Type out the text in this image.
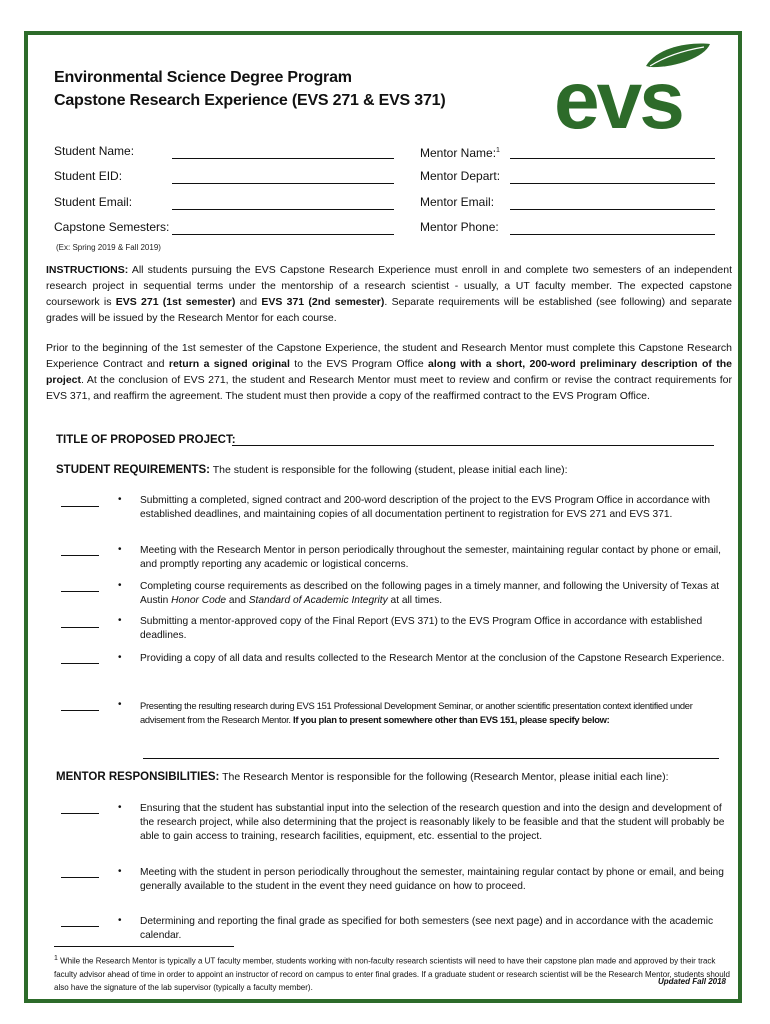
Environmental Science Degree Program
Capstone Research Experience (EVS 271 & EVS 371) evs
Student Name:
Student EID:
Student Email:
Capstone Semesters:
(Ex: Spring 2019 & Fall 2019)
Mentor Name:$^1$
Mentor Depart:
Mentor Email:
Mentor Phone:
INSTRUCTIONS: All students pursuing the EVS Capstone Research Experience must enroll in and complete two semesters of an independent research project in sequential terms under the mentorship of a research scientist - usually, a UT faculty member. The expected capstone coursework is EVS 271 (1st semester) and EVS 371 (2nd semester). Separate requirements will be established (see following) and separate grades will be issued by the Research Mentor for each course.
Prior to the beginning of the 1st semester of the Capstone Experience, the student and Research Mentor must complete this Capstone Research Experience Contract and return a signed original to the EVS Program Office along with a short, 200-word preliminary description of the project. At the conclusion of EVS 271, the student and Research Mentor must meet to review and confirm or revise the contract requirements for EVS 371, and reaffirm the agreement. The student must then provide a copy of the reaffirmed contract to the EVS Program Office.
TITLE OF PROPOSED PROJECT:
STUDENT REQUIREMENTS: The student is responsible for the following (student, please initial each line):
• Submitting a completed, signed contract and 200-word description of the project to the EVS Program Office in accordance with established deadlines, and maintaining copies of all documentation pertinent to registration for EVS 271 and EVS 371.
• Meeting with the Research Mentor in person periodically throughout the semester, maintaining regular contact by phone or email, and promptly reporting any academic or logistical concerns.
• Completing course requirements as described on the following pages in a timely manner, and following the University of Texas at Austin Honor Code and Standard of Academic Integrity at all times.
• Submitting a mentor-approved copy of the Final Report (EVS 371) to the EVS Program Office in accordance with established deadlines.
• Providing a copy of all data and results collected to the Research Mentor at the conclusion of the Capstone Research Experience.
• Presenting the resulting research during EVS 151 Professional Development Seminar, or another scientific presentation context identified under advisement from the Research Mentor. If you plan to present somewhere other than EVS 151, please specify below:
MENTOR RESPONSIBILITIES: The Research Mentor is responsible for the following (Research Mentor, please initial each line):
• Ensuring that the student has substantial input into the selection of the research question and into the design and development of the research project, while also determining that the project is reasonably likely to be feasible and that the student will probably be able to gain access to training, research facilities, equipment, etc. essential to the project.
• Meeting with the student in person periodically throughout the semester, maintaining regular contact by phone or email, and being generally available to the student in the event they need guidance on how to proceed.
• Determining and reporting the final grade as specified for both semesters (see next page) and in accordance with the academic calendar.
$^1$ While the Research Mentor is typically a UT faculty member, students working with non-faculty research scientists will need to have their capstone plan made and approved by their track faculty advisor ahead of time in order to appoint an instructor of record on campus to enter final grades. If a graduate student or research scientist will be the Research Mentor, students should also have the signature of the lab supervisor (typically a faculty member).
Updated Fall 2018
